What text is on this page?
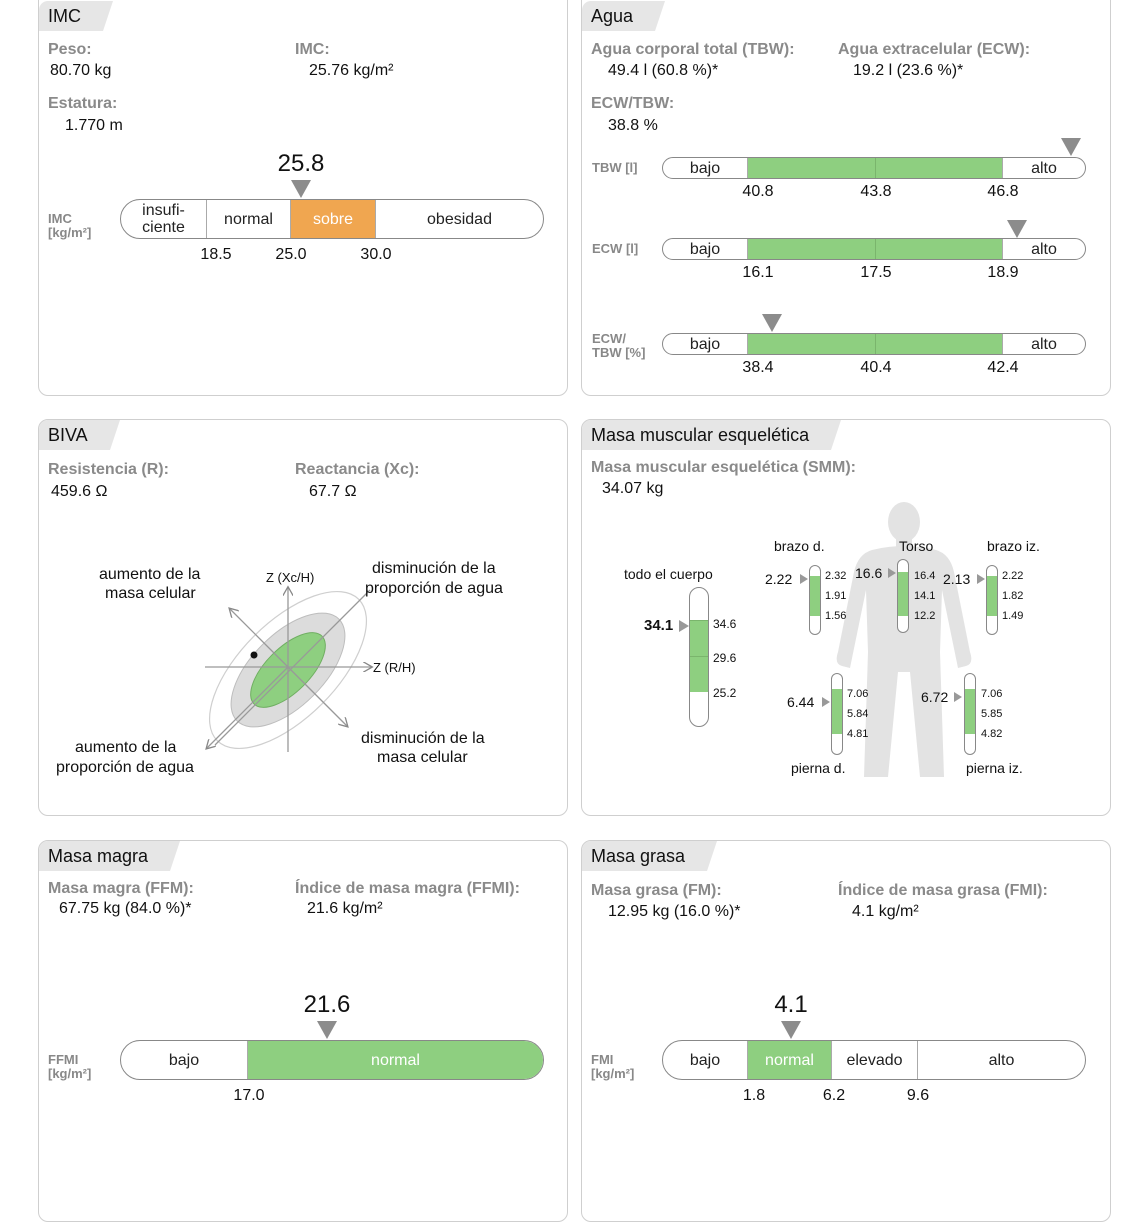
IMC
Peso:
80.70 kg
IMC:
25.76 kg/m²
Estatura:
1.770 m
25.8
IMC [kg/m²]
insufi-ciente	normal	sobre	obesidad
18.5	25.0	30.0
Agua
Agua corporal total (TBW):
49.4 l (60.8 %)*
Agua extracelular (ECW):
19.2 l (23.6 %)*
ECW/TBW:
38.8 %
TBW [l]	bajo	alto
40.8	43.8	46.8
ECW [l]	bajo	alto
16.1	17.5	18.9
ECW/ TBW [%]	bajo	alto
38.4	40.4	42.4
BIVA
Resistencia (R):
459.6 Ω
Reactancia (Xc):
67.7 Ω
Z (Xc/H)
Z (R/H)
aumento de la
masa celular
disminución de la
proporción de agua
aumento de la
proporción de agua
disminución de la
masa celular
Masa muscular esquelética
Masa muscular esquelética (SMM):
34.07 kg
todo el cuerpo
34.1	34.6
29.6
25.2
brazo d.
2.22	2.32
1.91
1.56
Torso
16.6	16.4
14.1
12.2
brazo iz.
2.13	2.22
1.82
1.49
6.44	7.06
5.84
4.81
pierna d.
6.72	7.06
5.85
4.82
pierna iz.
Masa magra
Masa magra (FFM):
67.75 kg (84.0 %)*
Índice de masa magra (FFMI):
21.6 kg/m²
21.6
FFMI [kg/m²]
bajo	normal
17.0
Masa grasa
Masa grasa (FM):
12.95 kg (16.0 %)*
Índice de masa grasa (FMI):
4.1 kg/m²
4.1
FMI [kg/m²]
bajo	normal	elevado	alto
1.8	6.2	9.6
